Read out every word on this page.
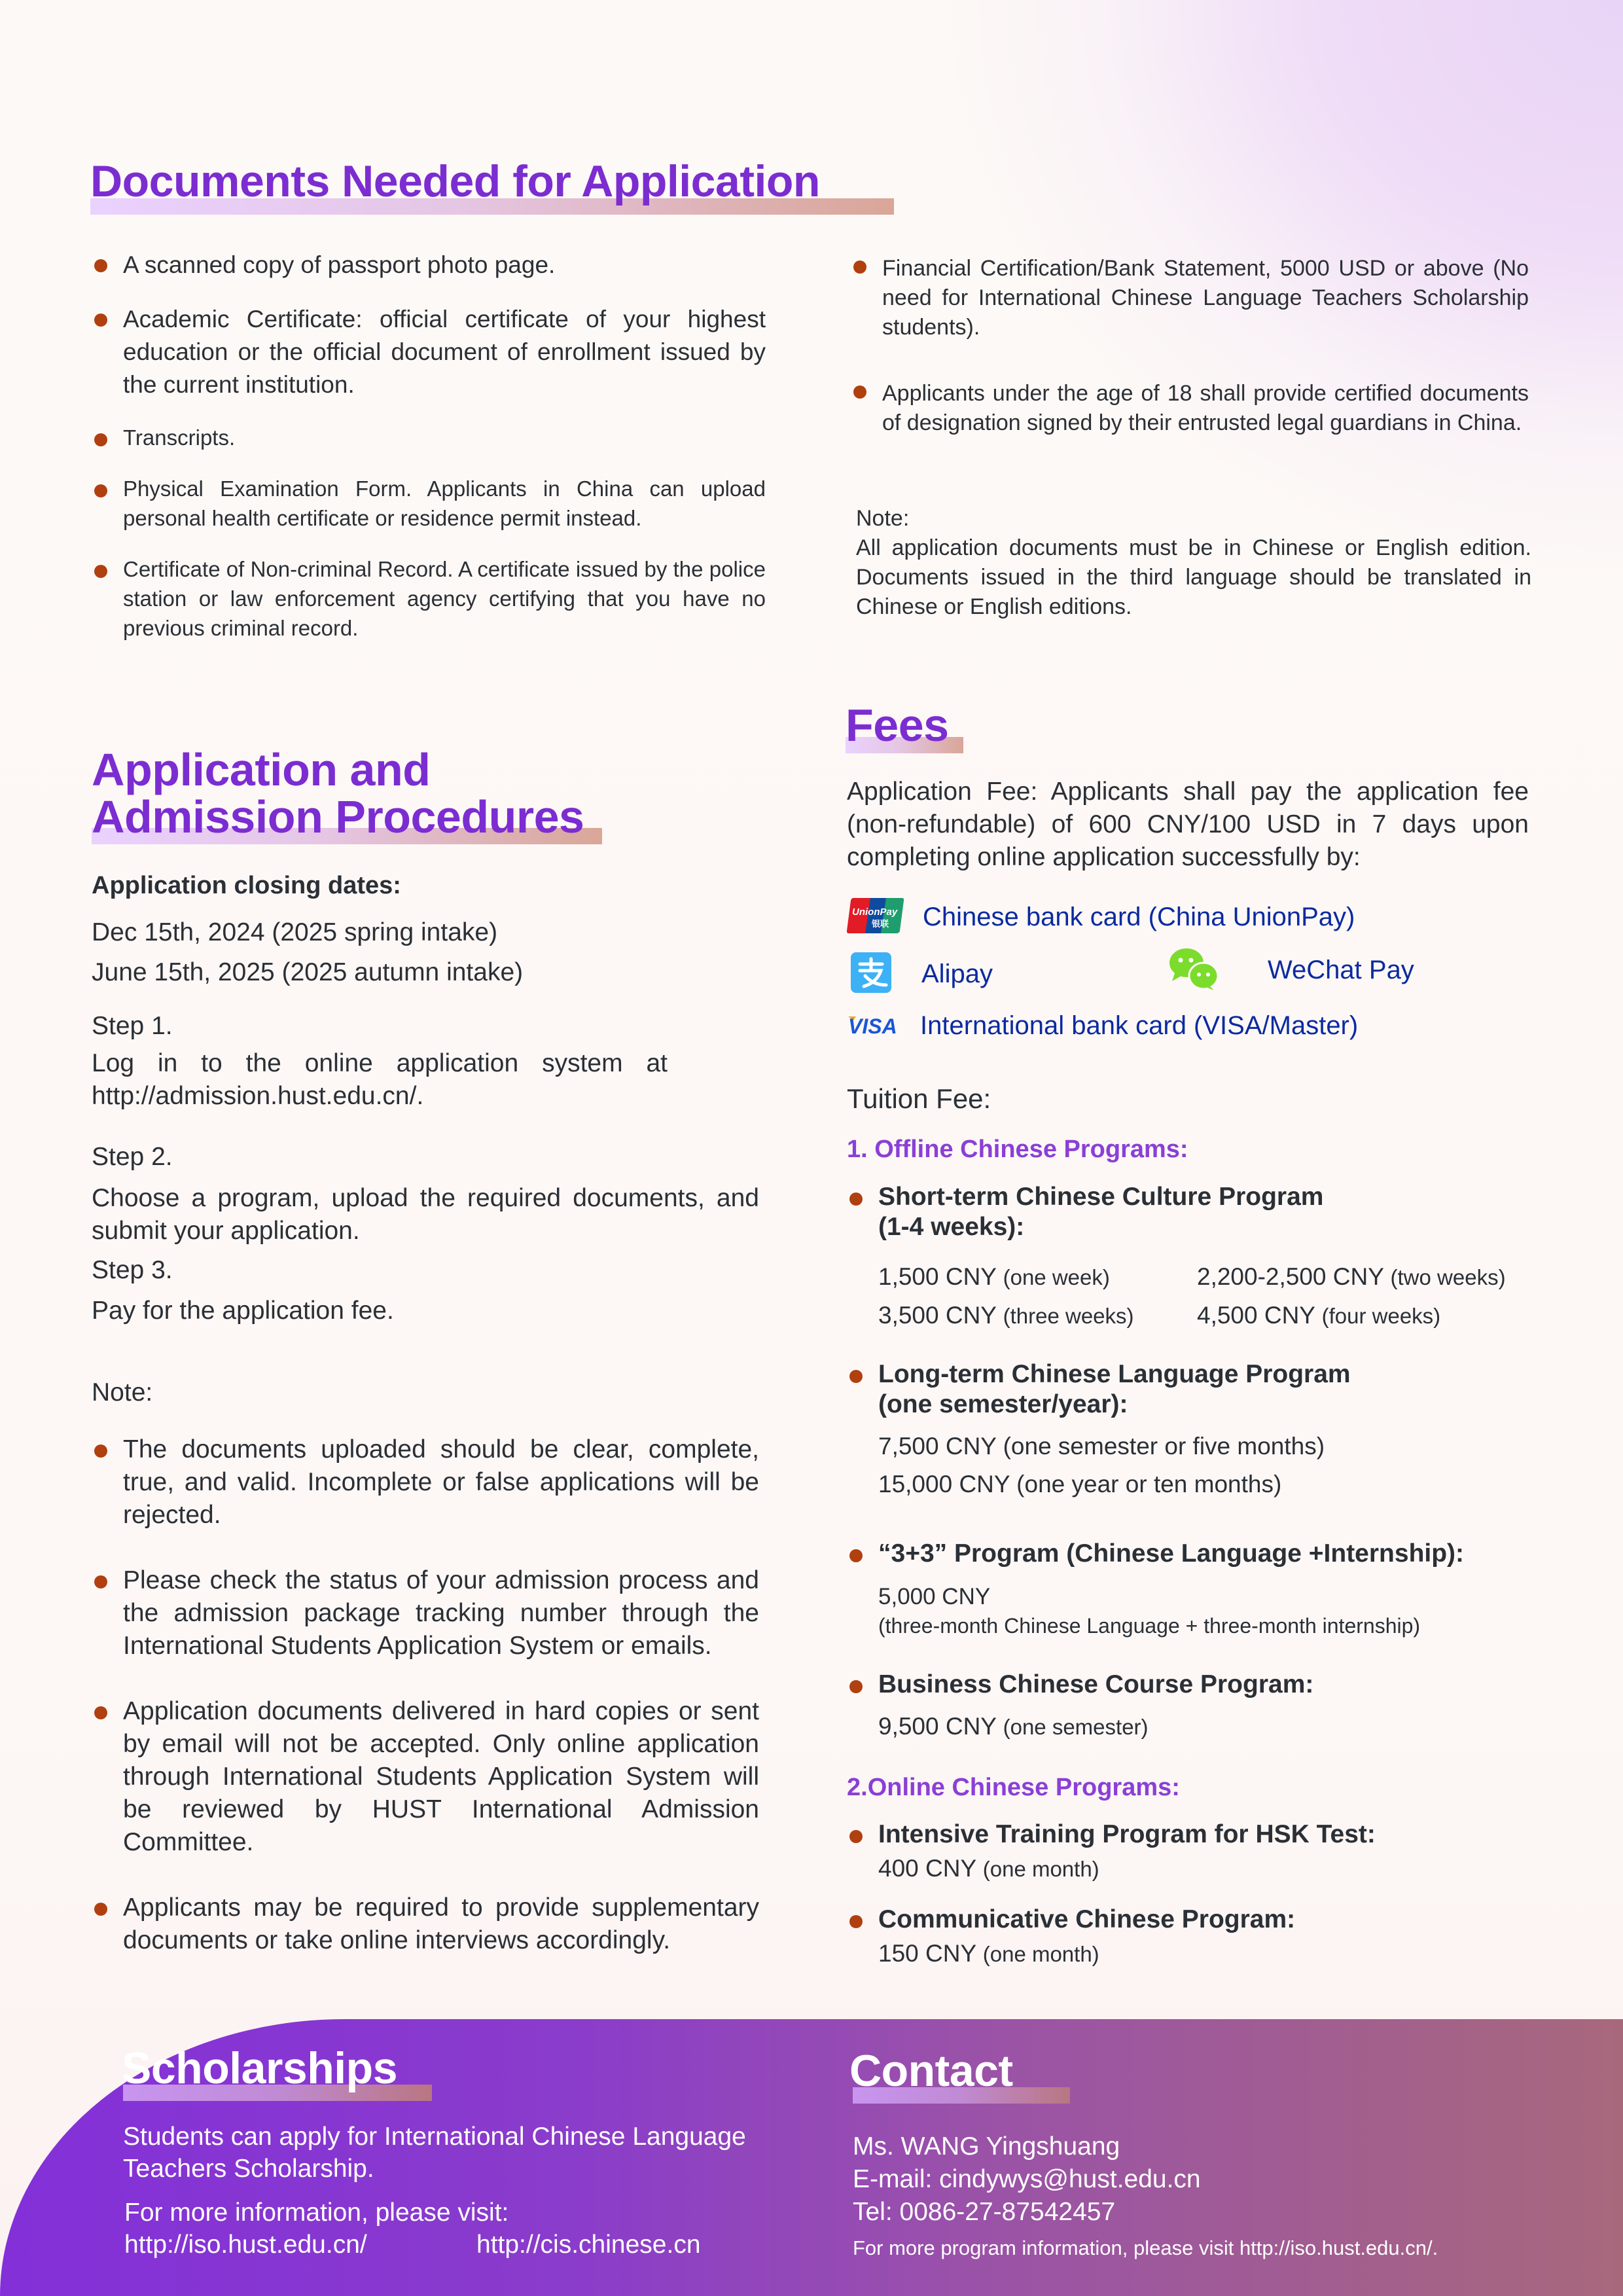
Documents Needed for Application
A scanned copy of passport photo page.
Academic Certificate: official certificate of your highest education or the official document of enrollment issued by the current institution.
Transcripts.
Physical Examination Form. Applicants in China can upload personal health certificate or residence permit instead.
Certificate of Non-criminal Record. A certificate issued by the police station or law enforcement agency certifying that you have no previous criminal record.
Financial Certification/Bank Statement, 5000 USD or above (No need for International Chinese Language Teachers Scholarship students).
Applicants under the age of 18 shall provide certified documents of designation signed by their entrusted legal guardians in China.
Note:
All application documents must be in Chinese or English edition. Documents issued in the third language should be translated in Chinese or English editions.
Application and
Admission Procedures
Application closing dates:
Dec 15th, 2024 (2025 spring intake)
June 15th, 2025 (2025 autumn intake)
Step 1.
Log in to the online application system at http://admission.hust.edu.cn/.
Step 2.
Choose a program, upload the required documents, and submit your application.
Step 3.
Pay for the application fee.
Note:
The documents uploaded should be clear, complete, true, and valid. Incomplete or false applications will be rejected.
Please check the status of your admission process and the admission package tracking number through the International Students Application System or emails.
Application documents delivered in hard copies or sent by email will not be accepted. Only online application through International Students Application System will be reviewed by HUST International Admission Committee.
Applicants may be required to provide supplementary documents or take online interviews accordingly.
Fees
Application Fee: Applicants shall pay the application fee (non-refundable) of 600 CNY/100 USD in 7 days upon completing online application successfully by:
UnionPay
银联 Chinese bank card (China UnionPay)
Alipay	WeChat Pay
VISA International bank card (VISA/Master)
Tuition Fee:
1. Offline Chinese Programs:
Short-term Chinese Culture Program
(1-4 weeks):
1,500 CNY (one week)	2,200-2,500 CNY (two weeks)
3,500 CNY (three weeks)	4,500 CNY (four weeks)
Long-term Chinese Language Program
(one semester/year):
7,500 CNY (one semester or five months)
15,000 CNY (one year or ten months)
“3+3” Program (Chinese Language +Internship):
5,000 CNY
(three-month Chinese Language + three-month internship)
Business Chinese Course Program:
9,500 CNY (one semester)
2.Online Chinese Programs:
Intensive Training Program for HSK Test:
400 CNY (one month)
Communicative Chinese Program:
150 CNY (one month)
Scholarships
Students can apply for International Chinese Language Teachers Scholarship.
For more information, please visit:
http://iso.hust.edu.cn/	http://cis.chinese.cn
Contact
Ms. WANG Yingshuang
E-mail: cindywys@hust.edu.cn
Tel: 0086-27-87542457
For more program information, please visit http://iso.hust.edu.cn/.
